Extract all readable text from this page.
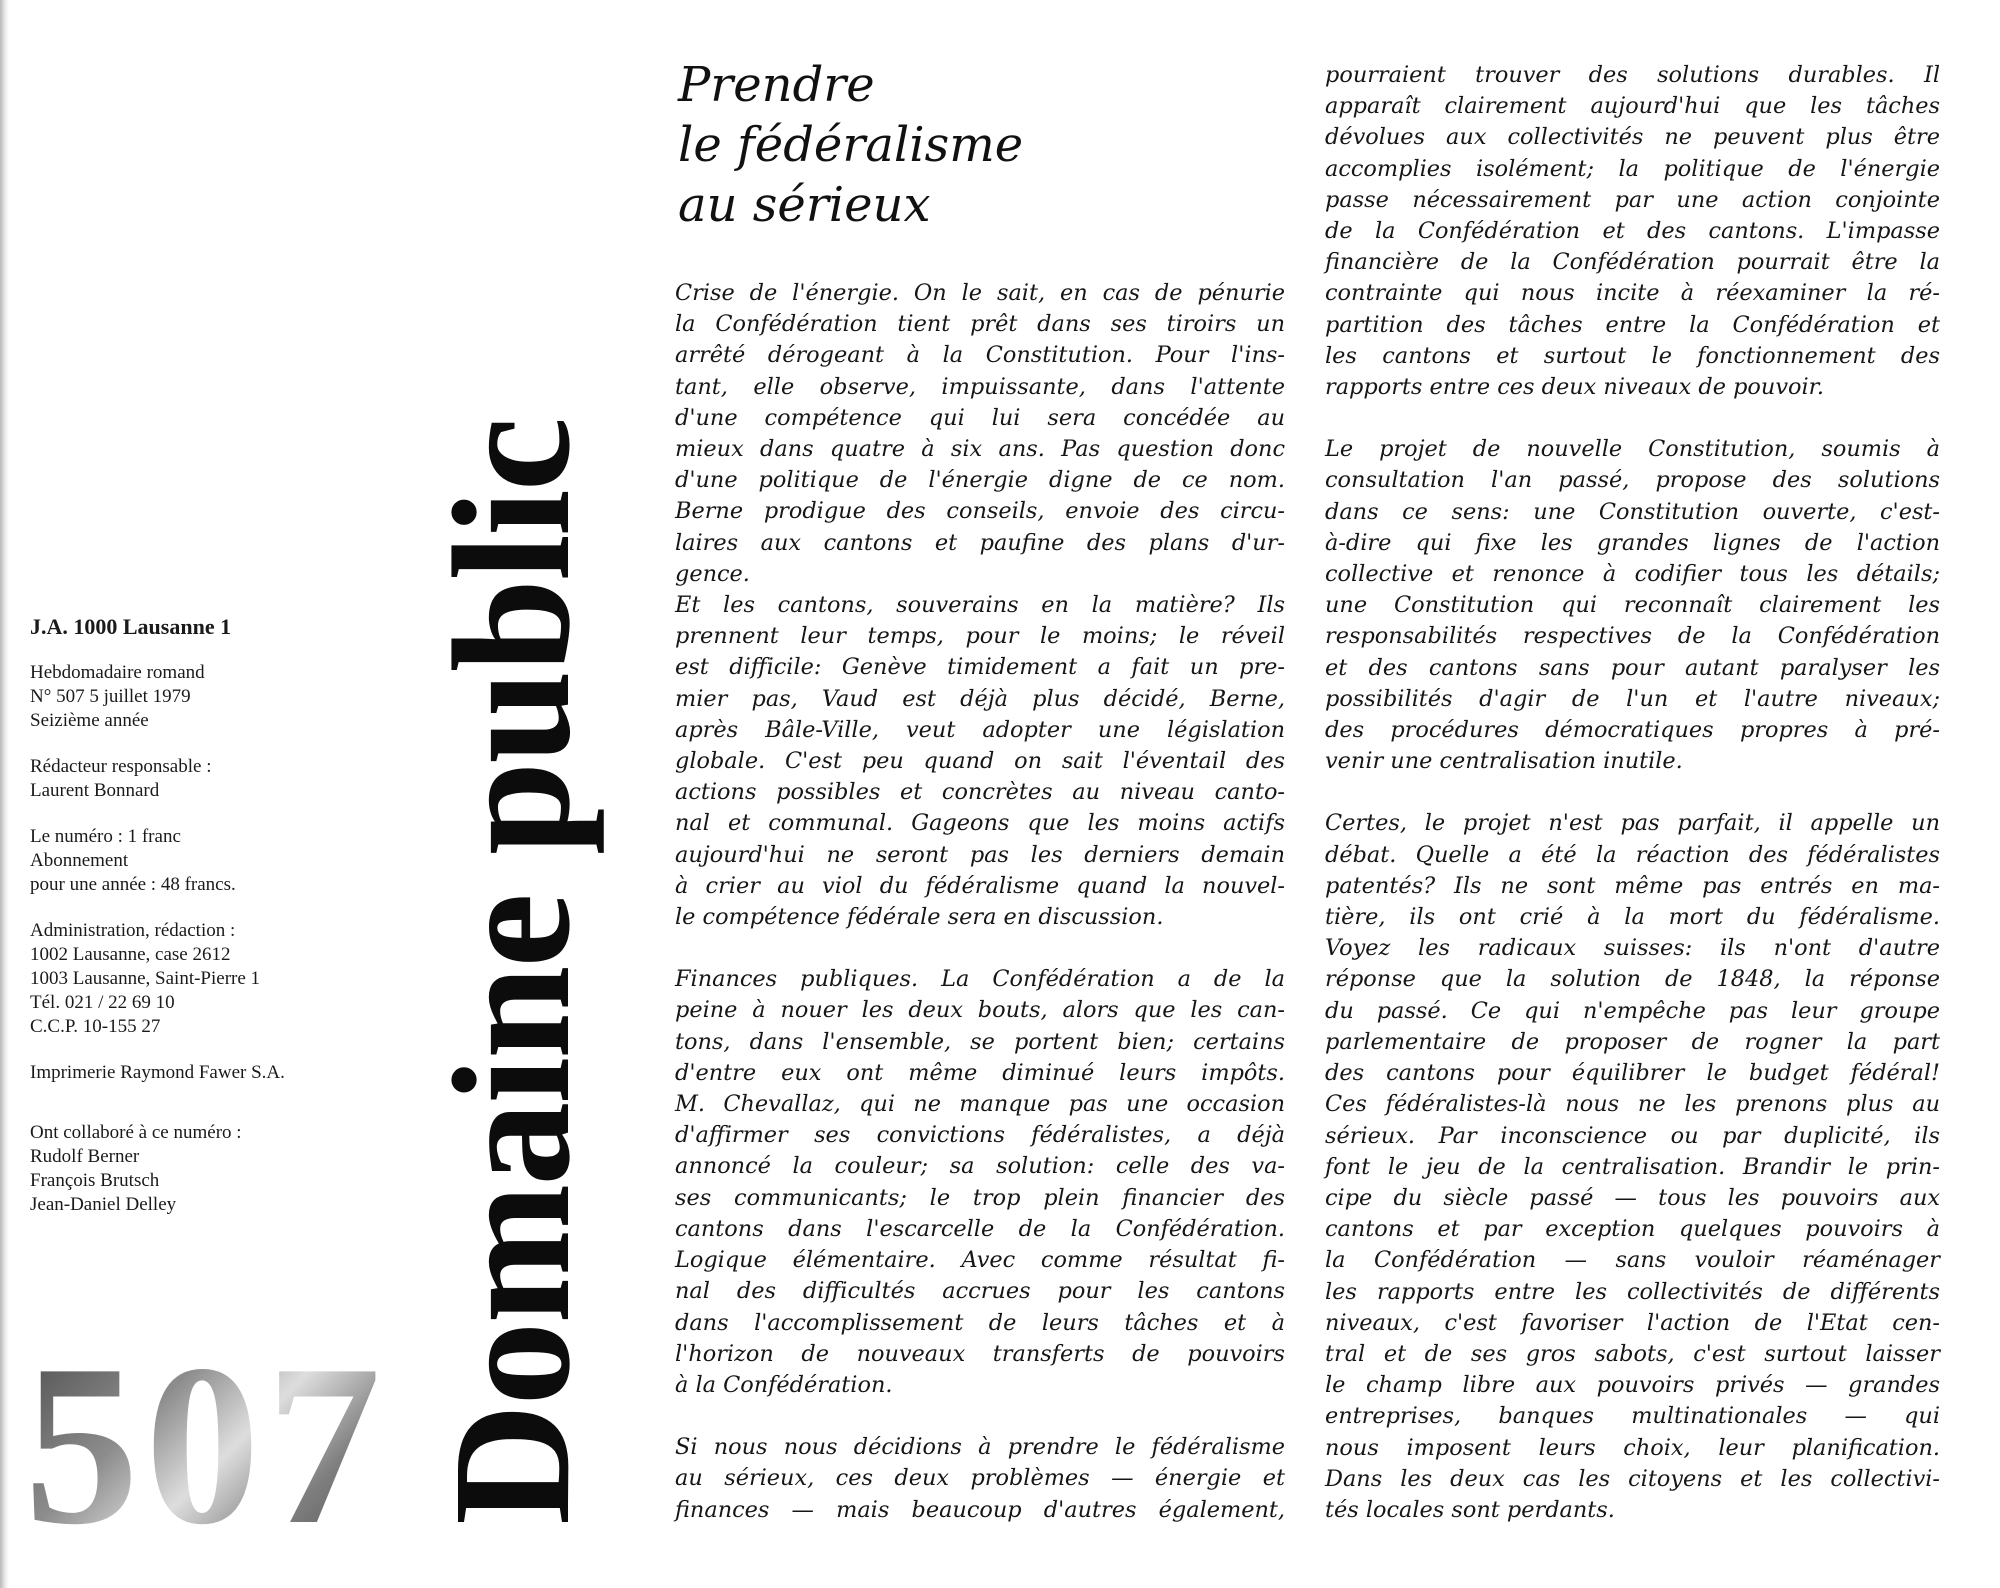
J.A. 1000 Lausanne 1
Hebdomadaire romand
N° 507 5 juillet 1979
Seizième année
Rédacteur responsable :
Laurent Bonnard
Le numéro : 1 franc
Abonnement
pour une année : 48 francs.
Administration, rédaction :
1002 Lausanne, case 2612
1003 Lausanne, Saint-Pierre 1
Tél. 021 / 22 69 10
C.C.P. 10-155 27
Imprimerie Raymond Fawer S.A.
Ont collaboré à ce numéro :
Rudolf Berner
François Brutsch
Jean-Daniel Delley
507 Domaine public
Prendre
le fédéralisme
au sérieux
Crise de l'énergie. On le sait, en cas de pénurie
la Confédération tient prêt dans ses tiroirs un
arrêté dérogeant à la Constitution. Pour l'ins-
tant, elle observe, impuissante, dans l'attente
d'une compétence qui lui sera concédée au
mieux dans quatre à six ans. Pas question donc
d'une politique de l'énergie digne de ce nom.
Berne prodigue des conseils, envoie des circu-
laires aux cantons et paufine des plans d'ur-
gence.
Et les cantons, souverains en la matière? Ils
prennent leur temps, pour le moins; le réveil
est difficile: Genève timidement a fait un pre-
mier pas, Vaud est déjà plus décidé, Berne,
après Bâle-Ville, veut adopter une législation
globale. C'est peu quand on sait l'éventail des
actions possibles et concrètes au niveau canto-
nal et communal. Gageons que les moins actifs
aujourd'hui ne seront pas les derniers demain
à crier au viol du fédéralisme quand la nouvel-
le compétence fédérale sera en discussion.
Finances publiques. La Confédération a de la
peine à nouer les deux bouts, alors que les can-
tons, dans l'ensemble, se portent bien; certains
d'entre eux ont même diminué leurs impôts.
M. Chevallaz, qui ne manque pas une occasion
d'affirmer ses convictions fédéralistes, a déjà
annoncé la couleur; sa solution: celle des va-
ses communicants; le trop plein financier des
cantons dans l'escarcelle de la Confédération.
Logique élémentaire. Avec comme résultat fi-
nal des difficultés accrues pour les cantons
dans l'accomplissement de leurs tâches et à
l'horizon de nouveaux transferts de pouvoirs
à la Confédération.
Si nous nous décidions à prendre le fédéralisme
au sérieux, ces deux problèmes — énergie et
finances — mais beaucoup d'autres également,
pourraient trouver des solutions durables. Il
apparaît clairement aujourd'hui que les tâches
dévolues aux collectivités ne peuvent plus être
accomplies isolément; la politique de l'énergie
passe nécessairement par une action conjointe
de la Confédération et des cantons. L'impasse
financière de la Confédération pourrait être la
contrainte qui nous incite à réexaminer la ré-
partition des tâches entre la Confédération et
les cantons et surtout le fonctionnement des
rapports entre ces deux niveaux de pouvoir.
Le projet de nouvelle Constitution, soumis à
consultation l'an passé, propose des solutions
dans ce sens: une Constitution ouverte, c'est-
à-dire qui fixe les grandes lignes de l'action
collective et renonce à codifier tous les détails;
une Constitution qui reconnaît clairement les
responsabilités respectives de la Confédération
et des cantons sans pour autant paralyser les
possibilités d'agir de l'un et l'autre niveaux;
des procédures démocratiques propres à pré-
venir une centralisation inutile.
Certes, le projet n'est pas parfait, il appelle un
débat. Quelle a été la réaction des fédéralistes
patentés? Ils ne sont même pas entrés en ma-
tière, ils ont crié à la mort du fédéralisme.
Voyez les radicaux suisses: ils n'ont d'autre
réponse que la solution de 1848, la réponse
du passé. Ce qui n'empêche pas leur groupe
parlementaire de proposer de rogner la part
des cantons pour équilibrer le budget fédéral!
Ces fédéralistes-là nous ne les prenons plus au
sérieux. Par inconscience ou par duplicité, ils
font le jeu de la centralisation. Brandir le prin-
cipe du siècle passé — tous les pouvoirs aux
cantons et par exception quelques pouvoirs à
la Confédération — sans vouloir réaménager
les rapports entre les collectivités de différents
niveaux, c'est favoriser l'action de l'Etat cen-
tral et de ses gros sabots, c'est surtout laisser
le champ libre aux pouvoirs privés — grandes
entreprises, banques multinationales — qui
nous imposent leurs choix, leur planification.
Dans les deux cas les citoyens et les collectivi-
tés locales sont perdants.
